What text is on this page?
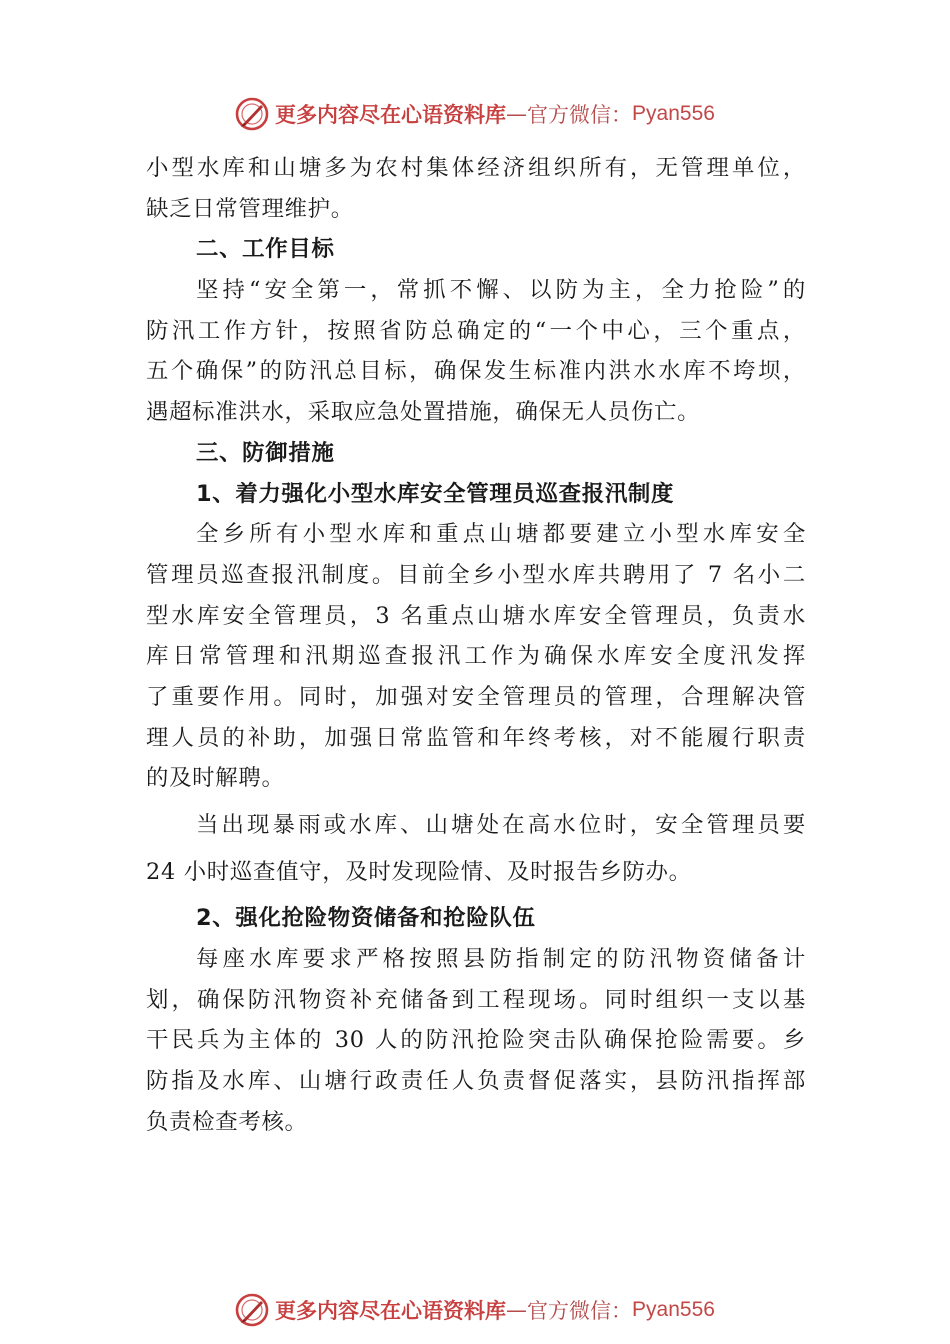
更多内容尽在心语资料库 — 官方微信： Pyan556
小型水库和山塘多为农村集体经济组织所有，无管理单位，
缺乏日常管理维护。
二、工作目标
坚持“安全第一，常抓不懈、以防为主，全力抢险”的
防汛工作方针，按照省防总确定的“一个中心，三个重点，
五个确保”的防汛总目标，确保发生标准内洪水水库不垮坝，
遇超标准洪水，采取应急处置措施，确保无人员伤亡。
三、防御措施
1、着力强化小型水库安全管理员巡查报汛制度
全乡所有小型水库和重点山塘都要建立小型水库安全
管理员巡查报汛制度。目前全乡小型水库共聘用了 7 名小二
型水库安全管理员，3 名重点山塘水库安全管理员，负责水
库日常管理和汛期巡查报汛工作为确保水库安全度汛发挥
了重要作用。同时，加强对安全管理员的管理，合理解决管
理人员的补助，加强日常监管和年终考核，对不能履行职责
的及时解聘。
当出现暴雨或水库、山塘处在高水位时，安全管理员要
24 小时巡查值守，及时发现险情、及时报告乡防办。
2、强化抢险物资储备和抢险队伍
每座水库要求严格按照县防指制定的防汛物资储备计
划，确保防汛物资补充储备到工程现场。同时组织一支以基
干民兵为主体的 30 人的防汛抢险突击队确保抢险需要。乡
防指及水库、山塘行政责任人负责督促落实，县防汛指挥部
负责检查考核。
更多内容尽在心语资料库 — 官方微信： Pyan556
